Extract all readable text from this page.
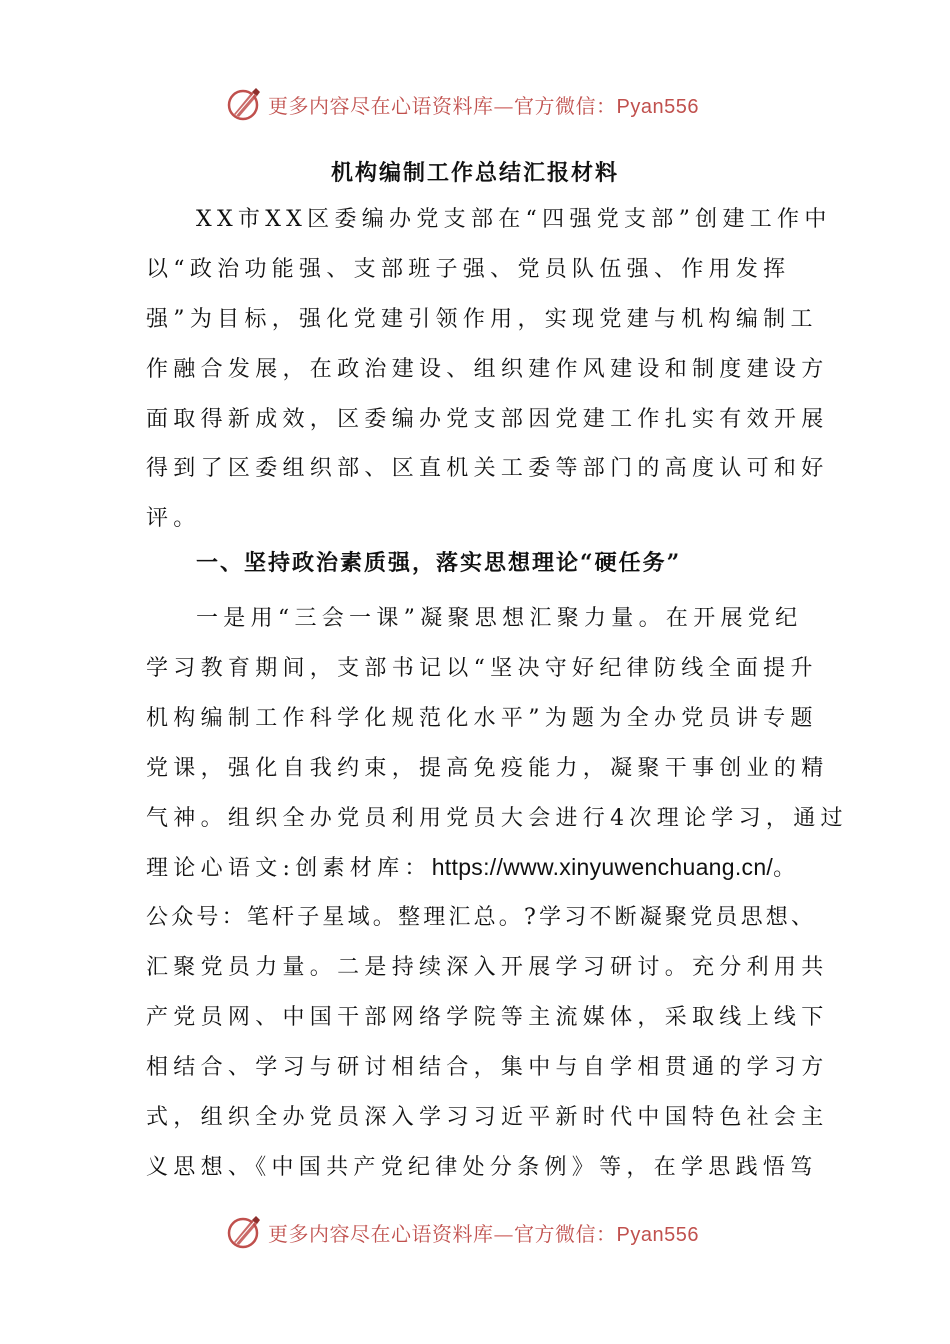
更多内容尽在心语资料库—官方微信：Pyan556
机构编制工作总结汇报材料
XX市XX区委编办党支部在“四强党支部”创建工作中
以“政治功能强、支部班子强、党员队伍强、作用发挥
强”为目标，强化党建引领作用，实现党建与机构编制工
作融合发展，在政治建设、组织建作风建设和制度建设方
面取得新成效，区委编办党支部因党建工作扎实有效开展
得到了区委组织部、区直机关工委等部门的高度认可和好
评。
一、坚持政治素质强，落实思想理论“硬任务”
一是用“三会一课”凝聚思想汇聚力量。在开展党纪
学习教育期间，支部书记以“坚决守好纪律防线全面提升
机构编制工作科学化规范化水平”为题为全办党员讲专题
党课，强化自我约束，提高免疫能力，凝聚干事创业的精
气神。组织全办党员利用党员大会进行4次理论学习，通过
理论心语文:创素材库：https://www.xinyuwenchuang.cn/。
公众号：笔杆子星域。整理汇总。?学习不断凝聚党员思想、
汇聚党员力量。二是持续深入开展学习研讨。充分利用共
产党员网、中国干部网络学院等主流媒体，采取线上线下
相结合、学习与研讨相结合，集中与自学相贯通的学习方
式，组织全办党员深入学习习近平新时代中国特色社会主
义思想、《中国共产党纪律处分条例》等，在学思践悟笃
更多内容尽在心语资料库—官方微信：Pyan556
